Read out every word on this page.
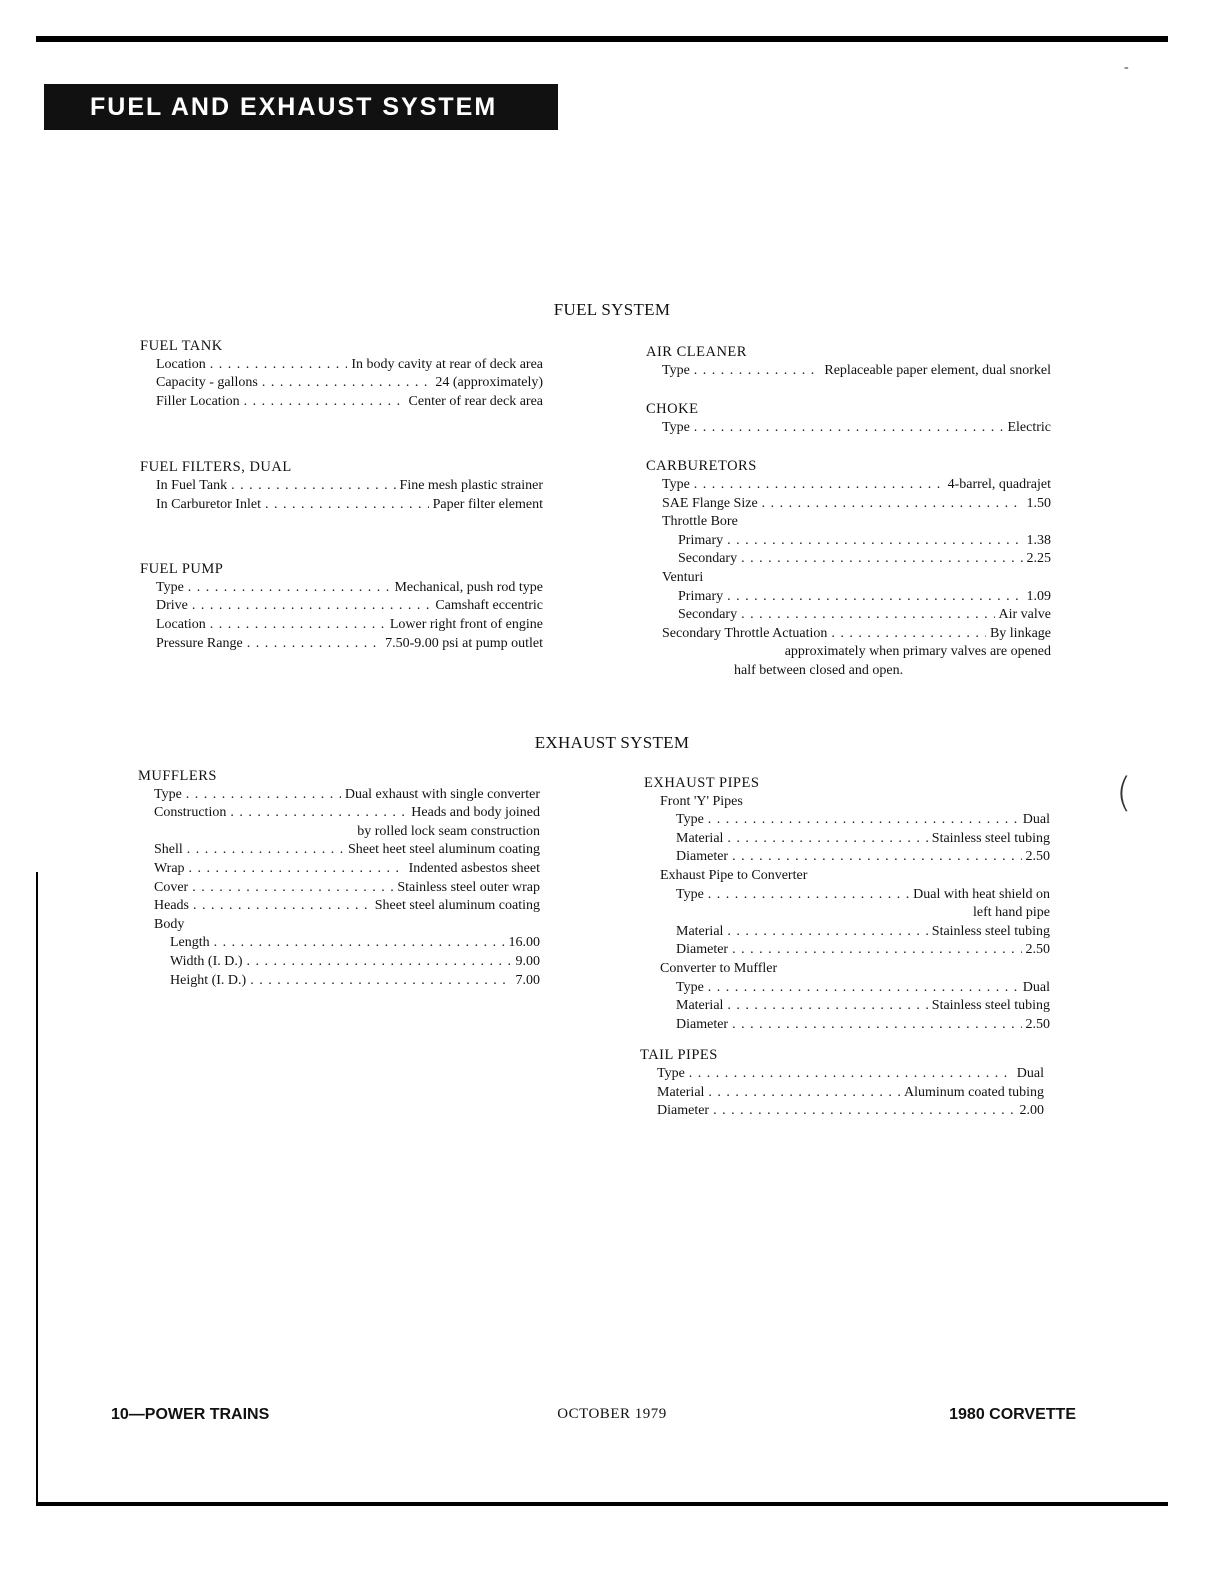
FUEL AND EXHAUST SYSTEM
-
(
FUEL SYSTEM
FUEL TANK
Location . . .	In body cavity at rear of deck area
Capacity - gallons . . .	24 (approximately)
Filler Location . . .	Center of rear deck area
FUEL FILTERS, DUAL
In Fuel Tank . . .	Fine mesh plastic strainer
In Carburetor Inlet . . .	Paper filter element
FUEL PUMP
Type . . .	Mechanical, push rod type
Drive . . .	Camshaft eccentric
Location . . .	Lower right front of engine
Pressure Range . . .	7.50-9.00 psi at pump outlet
AIR CLEANER
Type . . .	Replaceable paper element, dual snorkel
CHOKE
Type . . .	Electric
CARBURETORS
Type . . .	4-barrel, quadrajet
SAE Flange Size . . .	1.50
Throttle Bore
Primary . . .	1.38
Secondary . . .	2.25
Venturi
Primary . . .	1.09
Secondary . . .	Air valve
Secondary Throttle Actuation . . .	By linkage
approximately when primary valves are opened
half between closed and open.
EXHAUST SYSTEM
MUFFLERS
Type . . .	Dual exhaust with single converter
Construction . . .	Heads and body joined
by rolled lock seam construction
Shell . . .	Sheet heet steel aluminum coating
Wrap . . .	Indented asbestos sheet
Cover . . .	Stainless steel outer wrap
Heads . . .	Sheet steel aluminum coating
Body
Length . . .	16.00
Width (I. D.) . . .	9.00
Height (I. D.) . . .	7.00
EXHAUST PIPES
Front 'Y' Pipes
Type . . .	Dual
Material . . .	Stainless steel tubing
Diameter . . .	2.50
Exhaust Pipe to Converter
Type . . .	Dual with heat shield on
left hand pipe
Material . . .	Stainless steel tubing
Diameter . . .	2.50
Converter to Muffler
Type . . .	Dual
Material . . .	Stainless steel tubing
Diameter . . .	2.50
TAIL PIPES
Type . . .	Dual
Material . . .	Aluminum coated tubing
Diameter . . .	2.00
10—POWER TRAINS	OCTOBER 1979	1980 CORVETTE
